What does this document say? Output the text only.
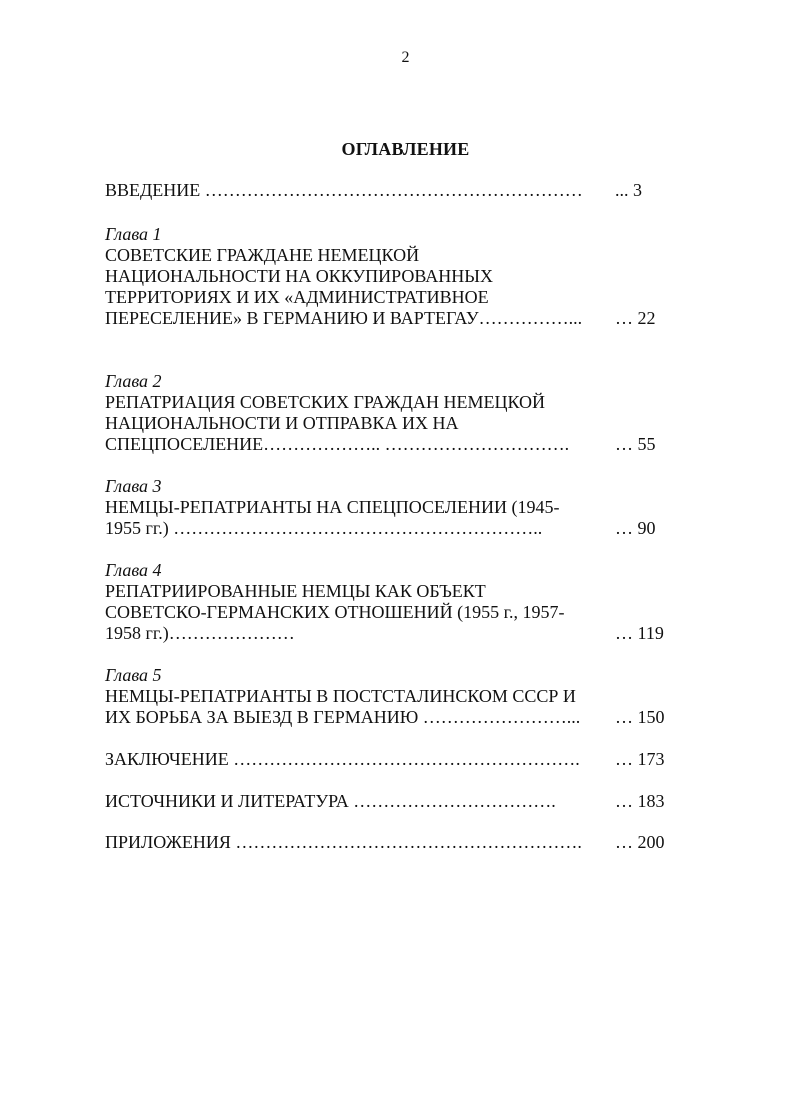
2
ОГЛАВЛЕНИЕ
ВВЕДЕНИЕ ………………………………………………………	... 3
Глава 1
СОВЕТСКИЕ ГРАЖДАНЕ НЕМЕЦКОЙ
НАЦИОНАЛЬНОСТИ НА ОККУПИРОВАННЫХ
ТЕРРИТОРИЯХ И ИХ «АДМИНИСТРАТИВНОЕ
ПЕРЕСЕЛЕНИЕ» В ГЕРМАНИЮ И ВАРТЕГАУ……………...	… 22
Глава 2
РЕПАТРИАЦИЯ СОВЕТСКИХ ГРАЖДАН НЕМЕЦКОЙ
НАЦИОНАЛЬНОСТИ И ОТПРАВКА ИХ НА
СПЕЦПОСЕЛЕНИЕ……………….. ………………………….	… 55
Глава 3
НЕМЦЫ-РЕПАТРИАНТЫ НА СПЕЦПОСЕЛЕНИИ (1945-
1955 гг.) ……………………………………………………..	… 90
Глава 4
РЕПАТРИИРОВАННЫЕ НЕМЦЫ КАК ОБЪЕКТ
СОВЕТСКО-ГЕРМАНСКИХ ОТНОШЕНИЙ (1955 г., 1957-
1958 гг.)…………………	… 119
Глава 5
НЕМЦЫ-РЕПАТРИАНТЫ В ПОСТСТАЛИНСКОМ СССР И
ИХ БОРЬБА ЗА ВЫЕЗД В ГЕРМАНИЮ ……………………...	… 150
ЗАКЛЮЧЕНИЕ ………………………………………………….	… 173
ИСТОЧНИКИ И ЛИТЕРАТУРА …………………………….	… 183
ПРИЛОЖЕНИЯ ………………………………………………….	… 200
